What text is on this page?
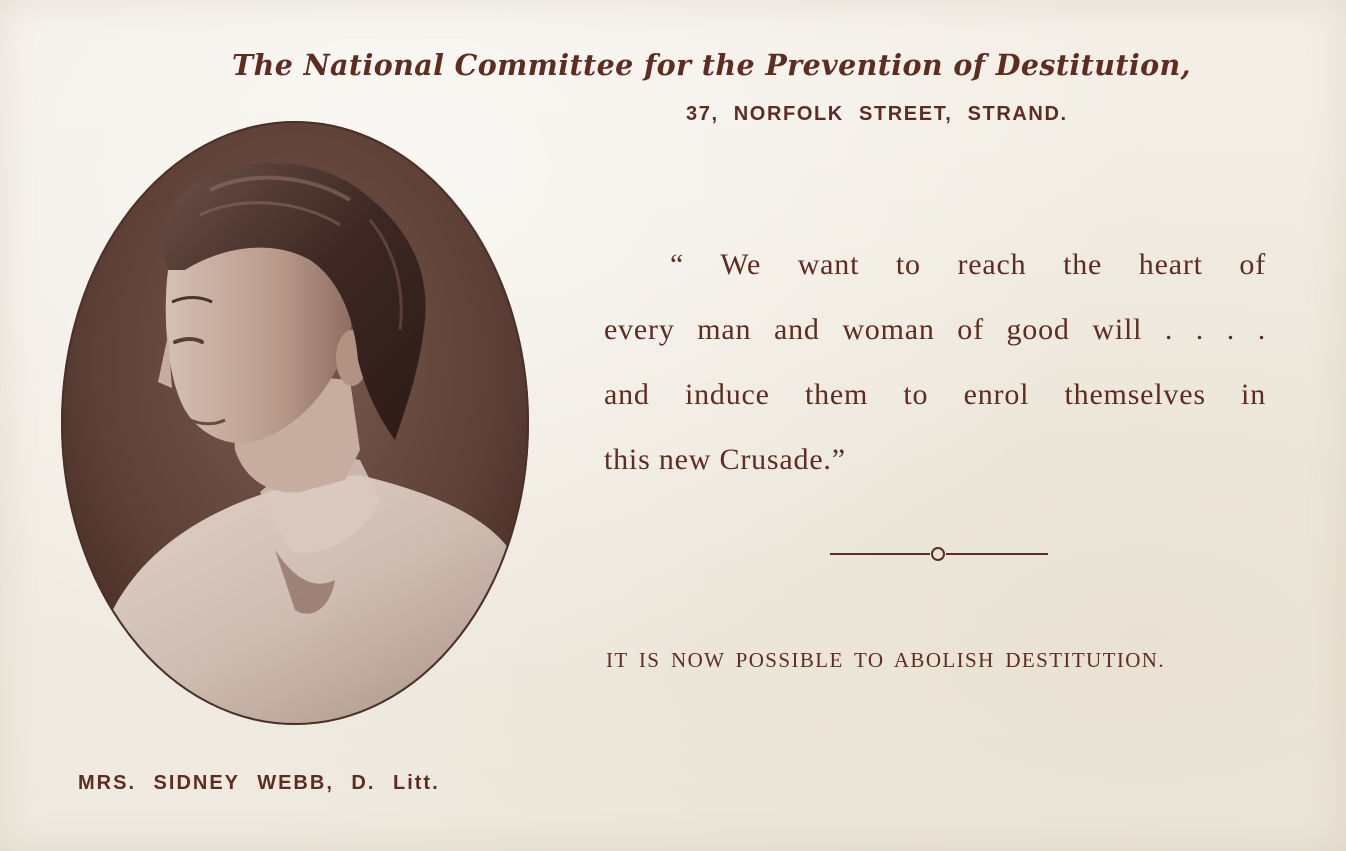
The National Committee for the Prevention of Destitution,
37, NORFOLK STREET, STRAND.
“ We want to reach the heart of
every man and woman of good will . . . .
and induce them to enrol themselves in
this new Crusade.”
IT IS NOW POSSIBLE TO ABOLISH DESTITUTION.
MRS. SIDNEY WEBB, D. Litt.
